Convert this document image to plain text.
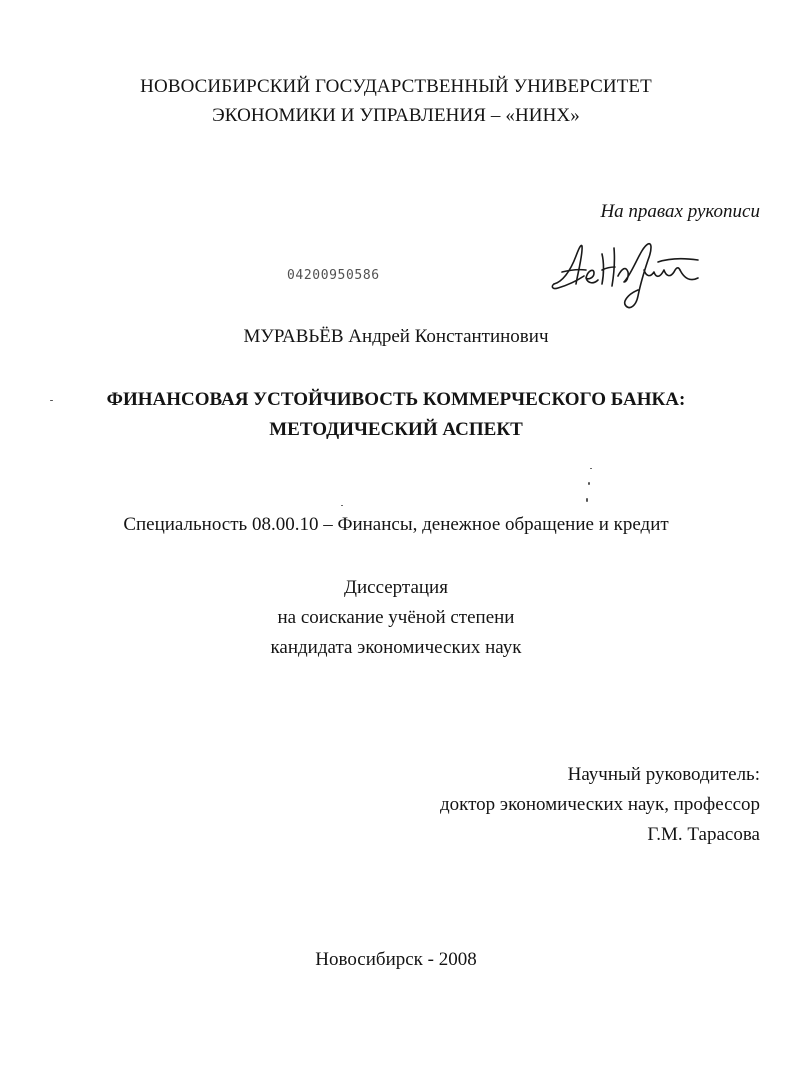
НОВОСИБИРСКИЙ ГОСУДАРСТВЕННЫЙ УНИВЕРСИТЕТ
ЭКОНОМИКИ И УПРАВЛЕНИЯ – «НИНХ»
На правах рукописи
04200950586
МУРАВЬЁВ Андрей Константинович
ФИНАНСОВАЯ УСТОЙЧИВОСТЬ КОММЕРЧЕСКОГО БАНКА:
МЕТОДИЧЕСКИЙ АСПЕКТ
Специальность 08.00.10 – Финансы, денежное обращение и кредит
Диссертация
на соискание учёной степени
кандидата экономических наук
Научный руководитель:
доктор экономических наук, профессор
Г.М. Тарасова
Новосибирск - 2008
